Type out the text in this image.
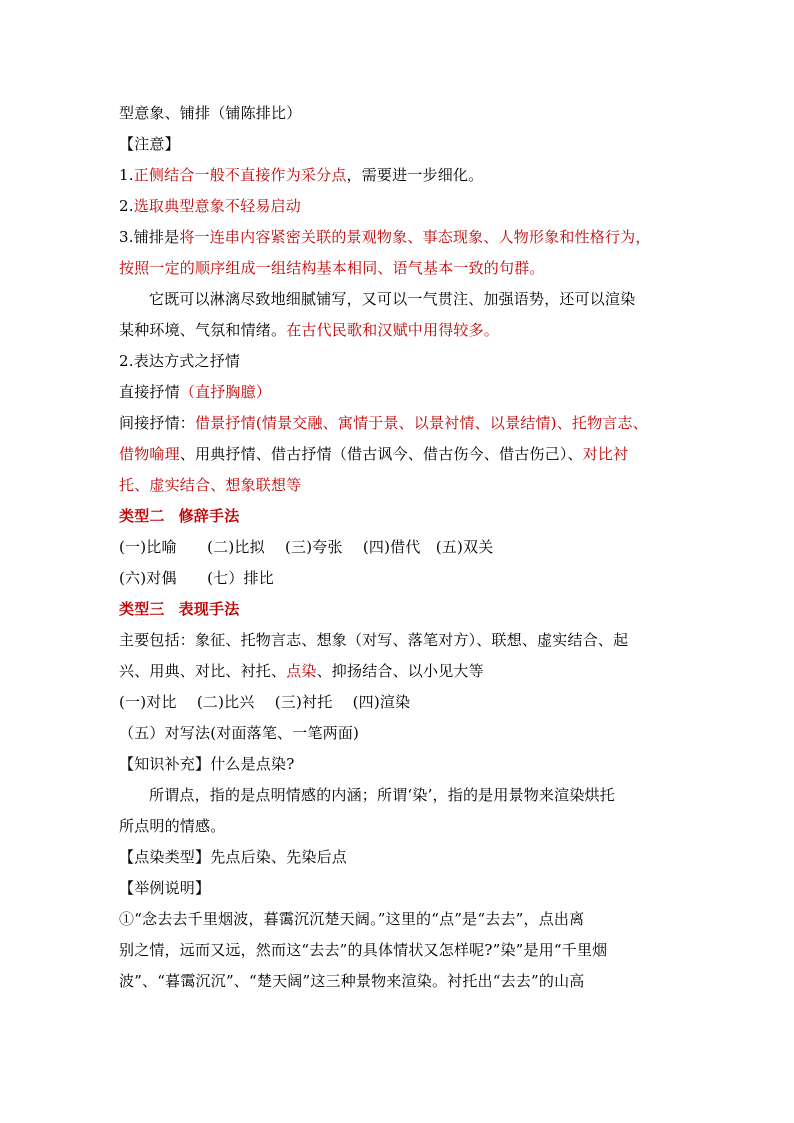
型意象、铺排（铺陈排比）
【注意】
1.正侧结合一般不直接作为采分点，需要进一步细化。
2.选取典型意象不轻易启动
3.铺排是将一连串内容紧密关联的景观物象、事态现象、人物形象和性格行为，
按照一定的顺序组成一组结构基本相同、语气基本一致的句群。
它既可以淋漓尽致地细腻铺写，又可以一气贯注、加强语势，还可以渲染
某种环境、气氛和情绪。在古代民歌和汉赋中用得较多。
2.表达方式之抒情
直接抒情（直抒胸臆）
间接抒情：借景抒情(情景交融、寓情于景、以景衬情、以景结情)、托物言志、
借物喻理、用典抒情、借古抒情（借古讽今、借古伤今、借古伤己）、对比衬
托、虚实结合、想象联想等
类型二 修辞手法
(一)比喻　　(二)比拟　 (三)夸张　 (四)借代　(五)双关
(六)对偶　　(七）排比
类型三 表现手法
主要包括：象征、托物言志、想象（对写、落笔对方）、联想、虚实结合、起
兴、用典、对比、衬托、点染、抑扬结合、以小见大等
(一)对比　 (二)比兴　 (三)衬托　 (四)渲染
（五）对写法(对面落笔、一笔两面)
【知识补充】什么是点染?
所谓点，指的是点明情感的内涵；所谓‘染’，指的是用景物来渲染烘托
所点明的情感。
【点染类型】先点后染、先染后点
【举例说明】
①“念去去千里烟波，暮霭沉沉楚天阔。”这里的“点”是“去去”，点出离
别之情，远而又远，然而这“去去”的具体情状又怎样呢?”染”是用“千里烟
波”、“暮霭沉沉”、“楚天阔”这三种景物来渲染。衬托出“去去”的山高
